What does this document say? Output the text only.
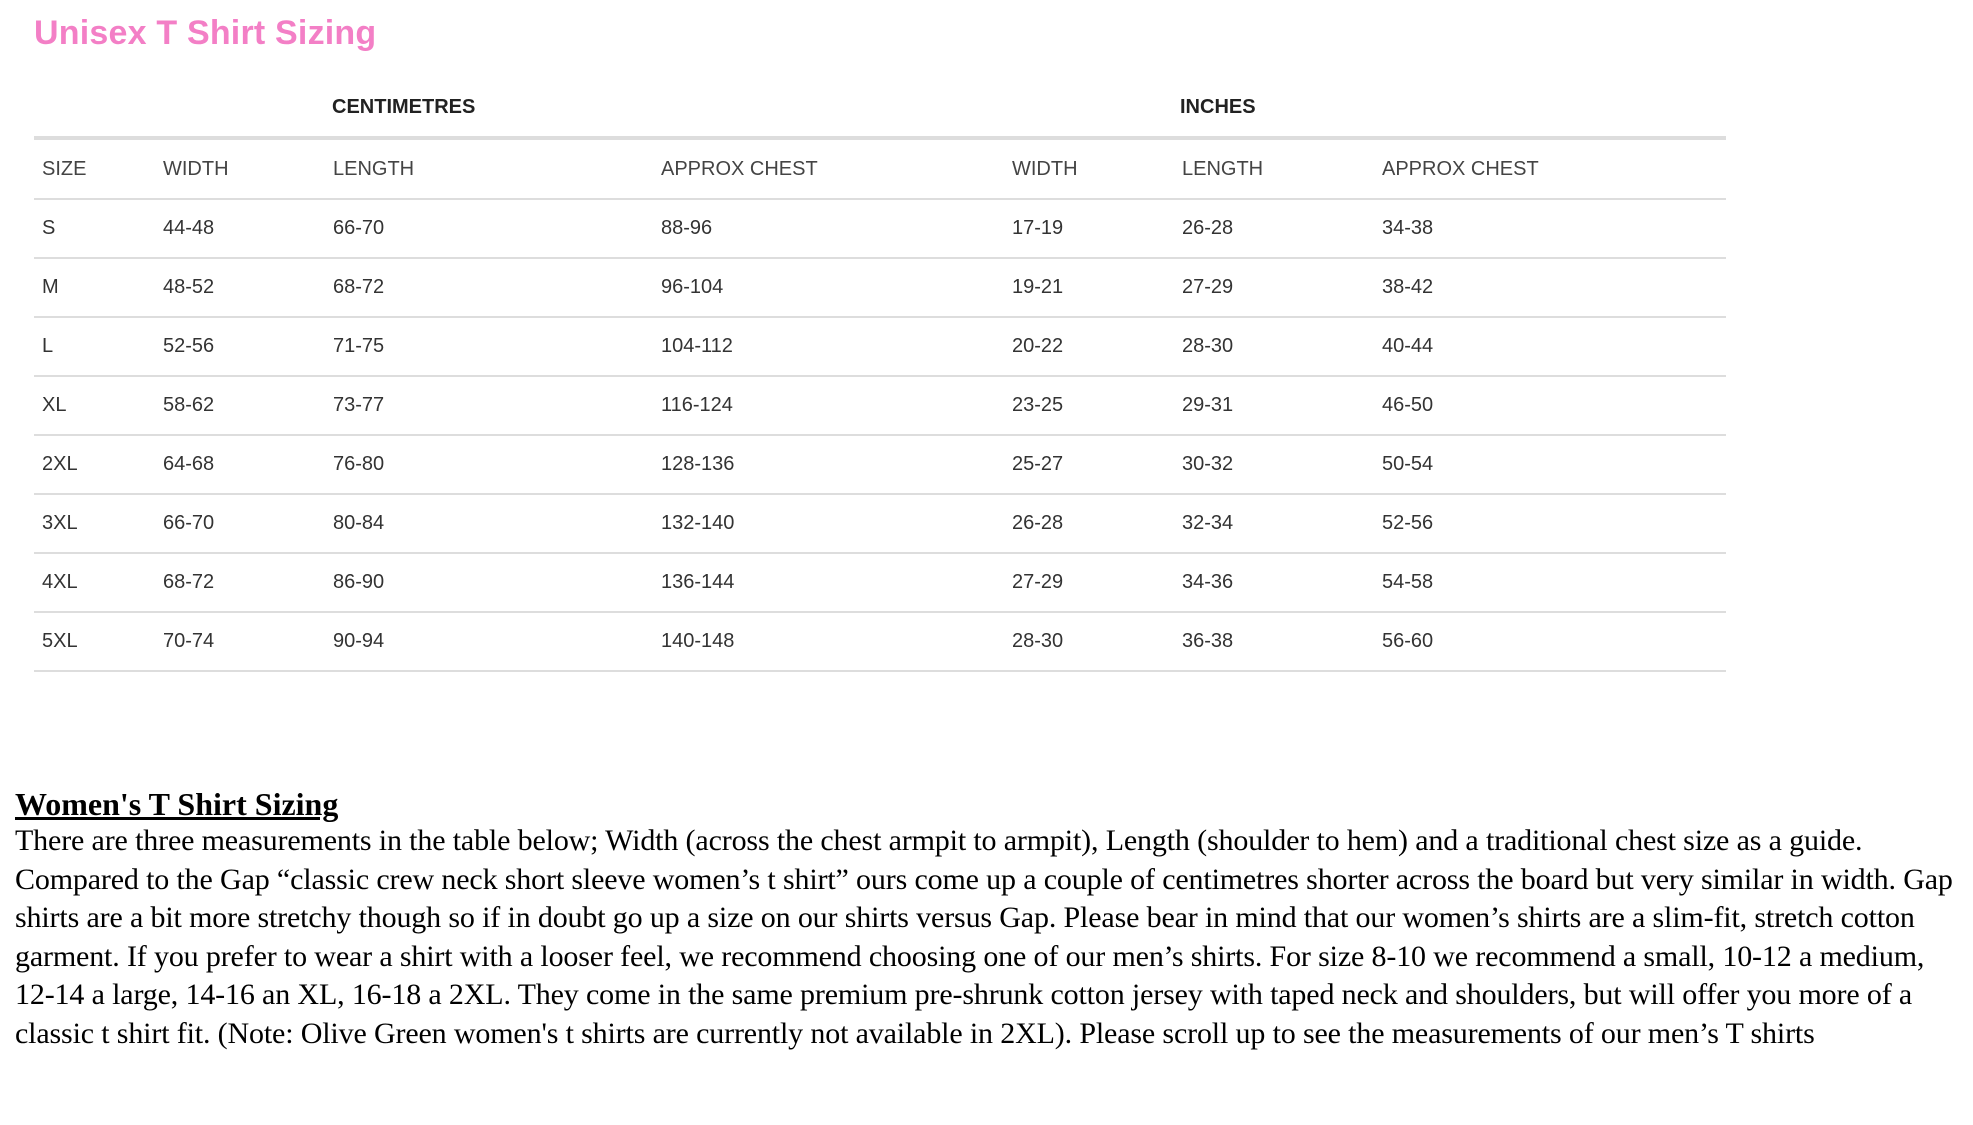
Unisex T Shirt Sizing
CENTIMETRES	INCHES
SIZE	WIDTH	LENGTH	APPROX CHEST	WIDTH	LENGTH	APPROX CHEST
S	44-48	66-70	88-96	17-19	26-28	34-38
M	48-52	68-72	96-104	19-21	27-29	38-42
L	52-56	71-75	104-112	20-22	28-30	40-44
XL	58-62	73-77	116-124	23-25	29-31	46-50
2XL	64-68	76-80	128-136	25-27	30-32	50-54
3XL	66-70	80-84	132-140	26-28	32-34	52-56
4XL	68-72	86-90	136-144	27-29	34-36	54-58
5XL	70-74	90-94	140-148	28-30	36-38	56-60
Women's T Shirt Sizing

There are three measurements in the table below; Width (across the chest armpit to armpit), Length (shoulder to hem) and a traditional chest size as a guide. Compared to the Gap “classic crew neck short sleeve women’s t shirt” ours come up a couple of centimetres shorter across the board but very similar in width. Gap shirts are a bit more stretchy though so if in doubt go up a size on our shirts versus Gap. Please bear in mind that our women’s shirts are a slim-fit, stretch cotton garment. If you prefer to wear a shirt with a looser feel, we recommend choosing one of our men’s shirts. For size 8-10 we recommend a small, 10-12 a medium, 12-14 a large, 14-16 an XL, 16-18 a 2XL. They come in the same premium pre-shrunk cotton jersey with taped neck and shoulders, but will offer you more of a classic t shirt fit. (Note: Olive Green women's t shirts are currently not available in 2XL). Please scroll up to see the measurements of our men’s T shirts
